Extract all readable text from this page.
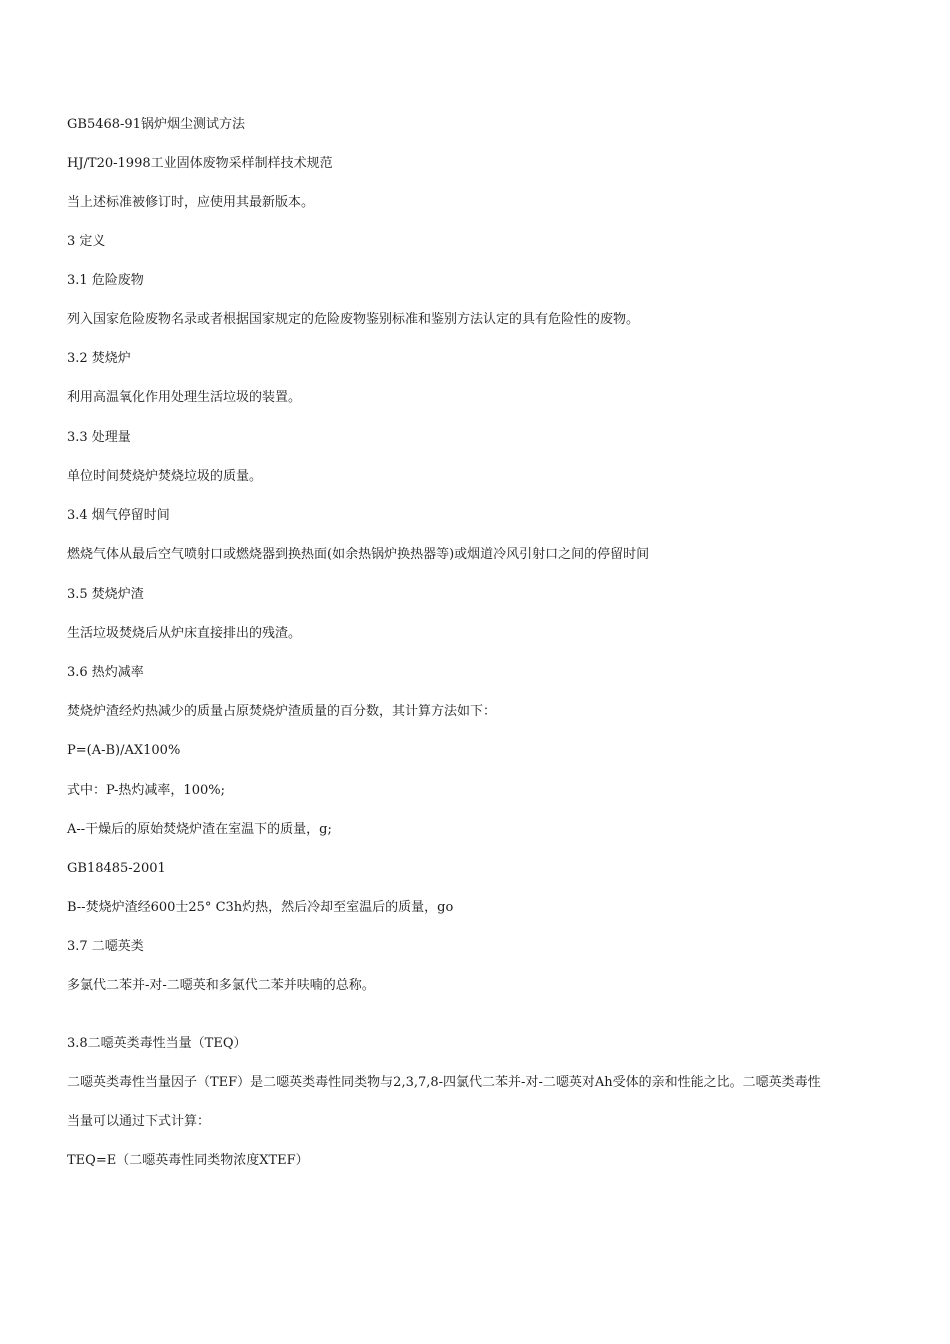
GB5468-91锅炉烟尘测试方法
HJ/T20-1998工业固体废物采样制样技术规范
当上述标准被修订时，应使用其最新版本。
3 定义
3.1 危险废物
列入国家危险废物名录或者根据国家规定的危险废物鉴别标准和鉴别方法认定的具有危险性的废物。
3.2 焚烧炉
利用高温氧化作用处理生活垃圾的装置。
3.3 处理量
单位时间焚烧炉焚烧垃圾的质量。
3.4 烟气停留时间
燃烧气体从最后空气喷射口或燃烧器到换热面(如余热锅炉换热器等)或烟道冷风引射口之间的停留时间
3.5 焚烧炉渣
生活垃圾焚烧后从炉床直接排出的残渣。
3.6 热灼减率
焚烧炉渣经灼热减少的质量占原焚烧炉渣质量的百分数，其计算方法如下：
P=(A-B)/AX100%
式中：P-热灼减率，100%;
A--干燥后的原始焚烧炉渣在室温下的质量，g;
GB18485-2001
B--焚烧炉渣经600士25° C3h灼热，然后冷却至室温后的质量，go
3.7 二噁英类
多氯代二苯并-对-二噁英和多氯代二苯并呋喃的总称。
3.8二噁英类毒性当量（TEQ）
二噁英类毒性当量因子（TEF）是二噁英类毒性同类物与2,3,7,8-四氯代二苯并-对-二噁英对Ah受体的亲和性能之比。二噁英类毒性
当量可以通过下式计算：
TEQ=E（二噁英毒性同类物浓度XTEF）
